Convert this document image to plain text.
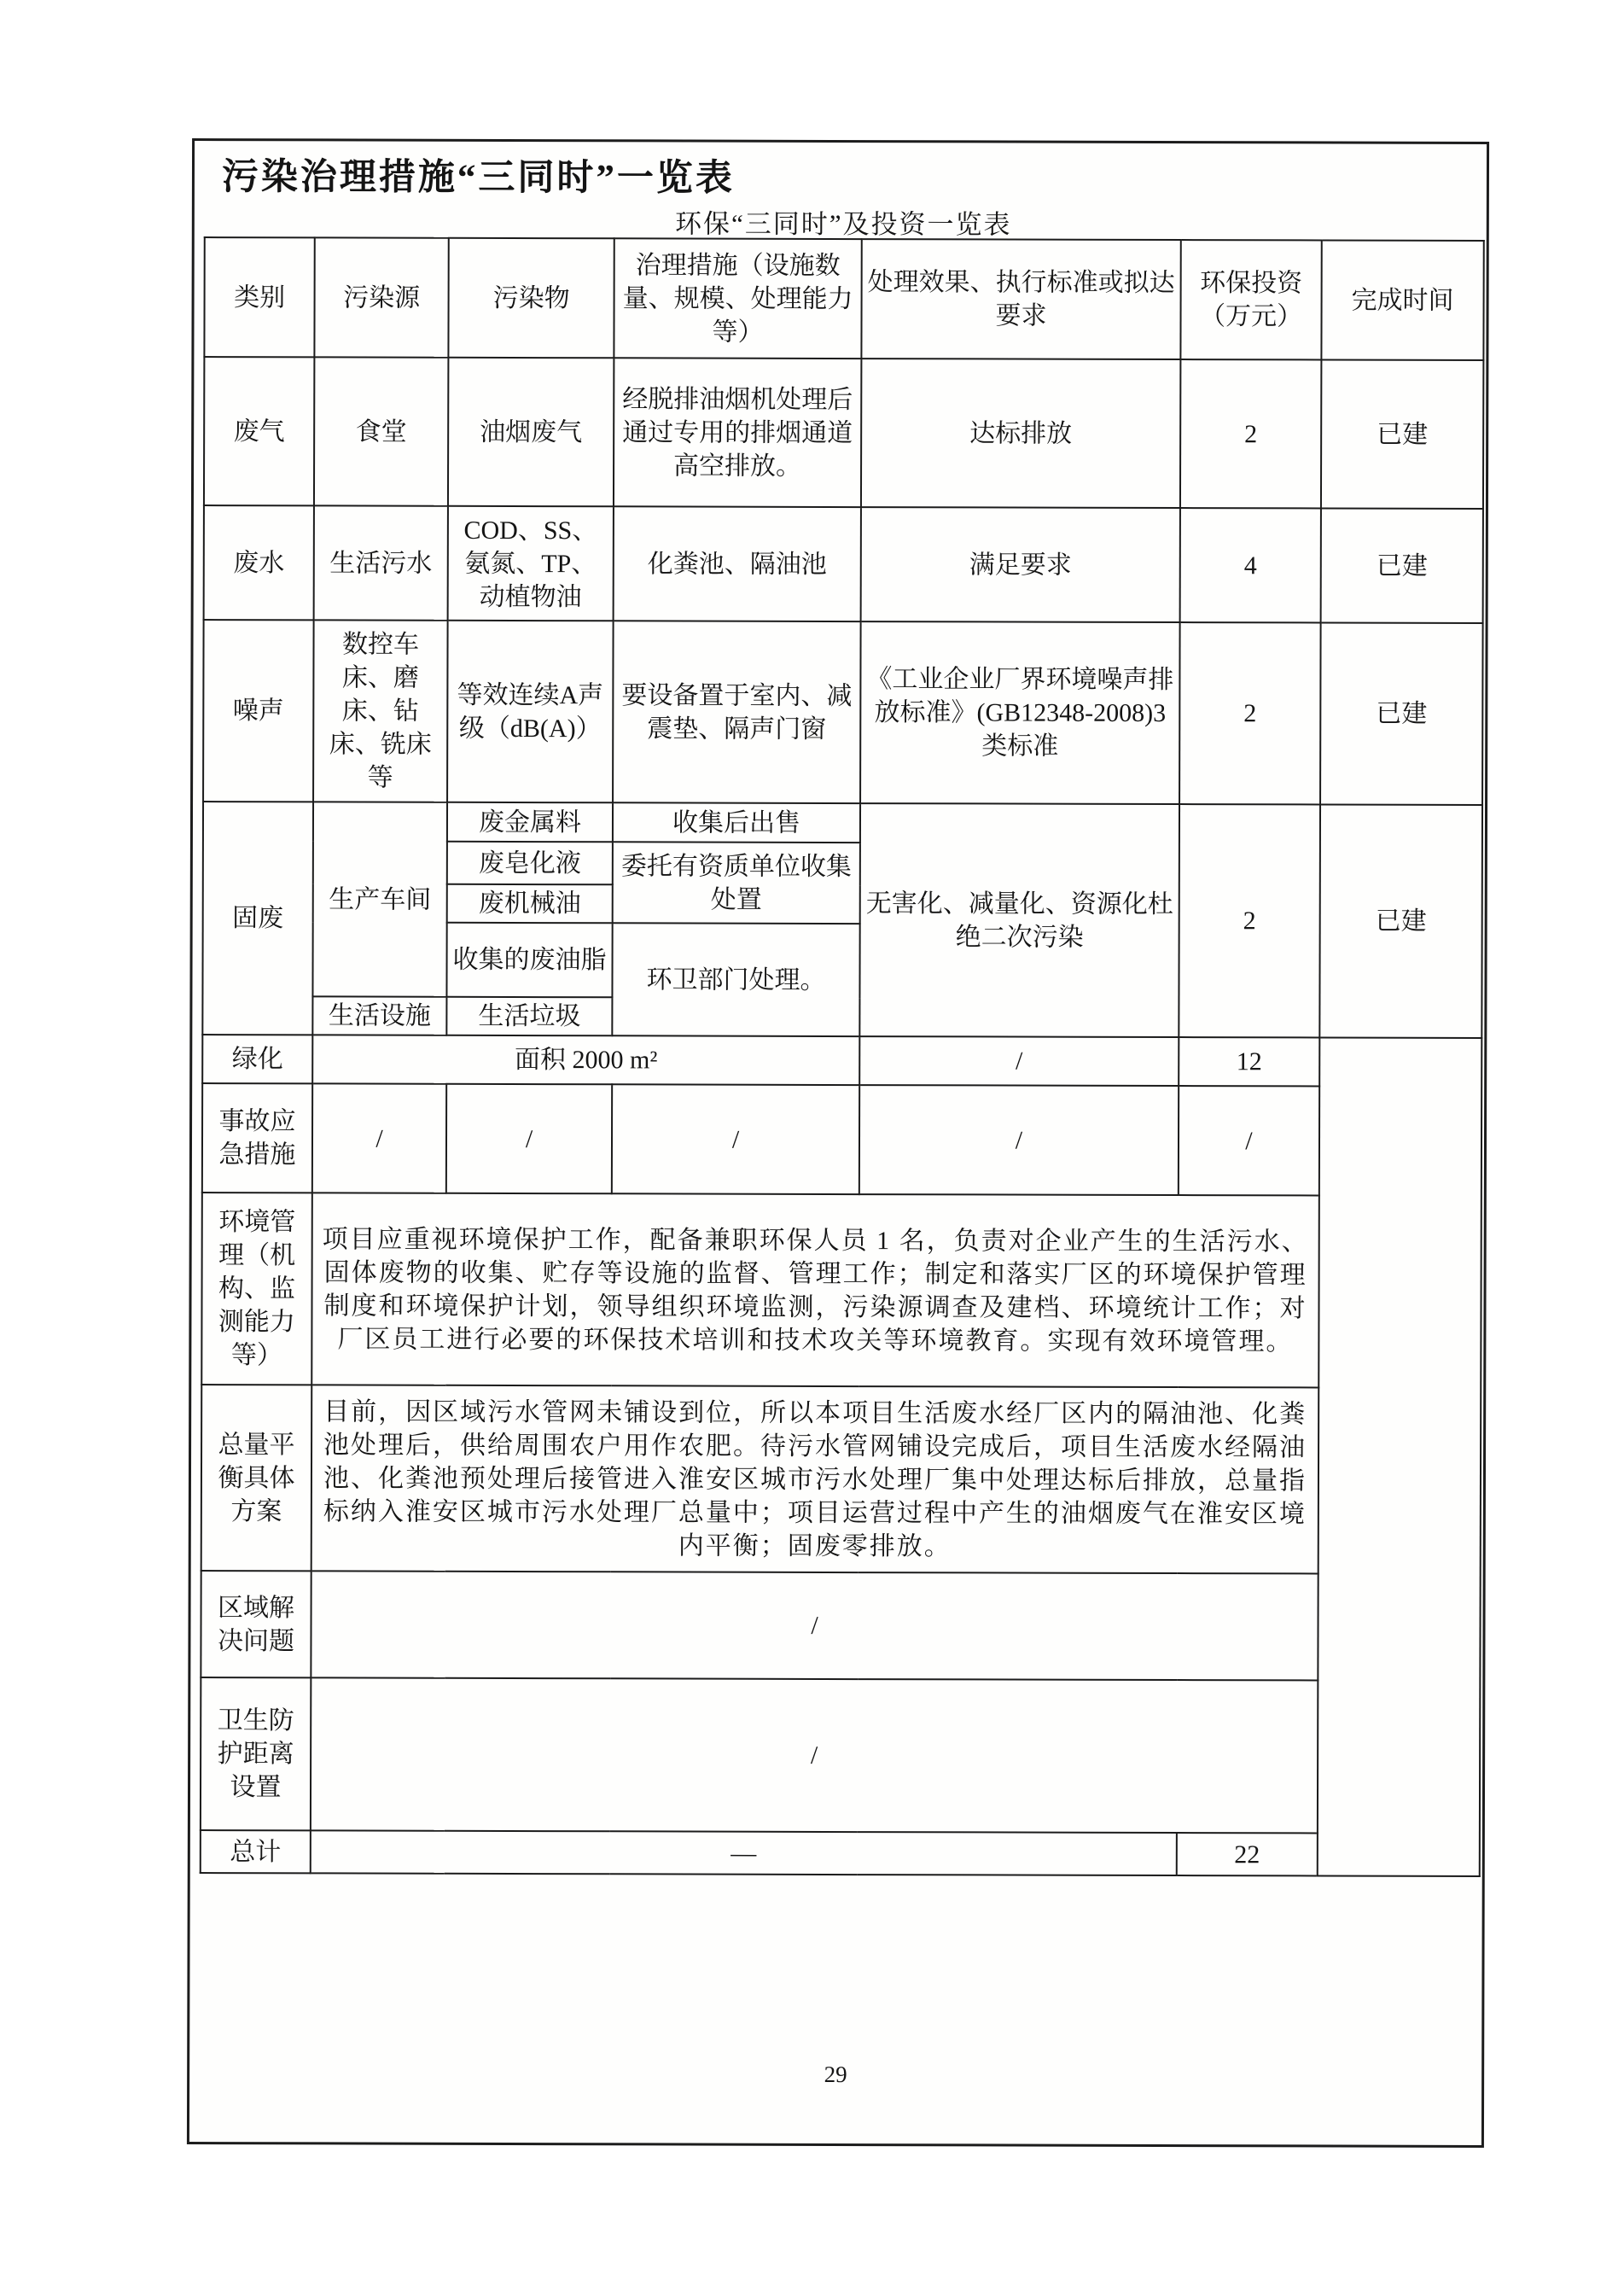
污染治理措施“三同时”一览表
环保“三同时”及投资一览表
类别	污染源	污染物	治理措施（设施数量、规模、处理能力等）	处理效果、执行标准或拟达要求	环保投资（万元）	完成时间
废气	食堂	油烟废气	经脱排油烟机处理后通过专用的排烟通道高空排放。	达标排放	2	已建
废水	生活污水	COD、SS、氨氮、TP、动植物油	化粪池、隔油池	满足要求	4	已建
噪声	数控车床、磨床、钻床、铣床等	等效连续A声级（dB(A)）	要设备置于室内、减震垫、隔声门窗	《工业企业厂界环境噪声排放标准》(GB12348-2008)3类标准	2	已建
固废	生产车间	废金属料	收集后出售	无害化、减量化、资源化杜绝二次污染	2	已建
		废皂化液	委托有资质单位收集处置			
		废机械油				
		收集的废油脂	环卫部门处理。			
	生活设施	生活垃圾				
绿化	面积 2000 m²			/	12	
事故应急措施	/	/	/	/	/	
环境管理（机构、监测能力等）	项目应重视环境保护工作，配备兼职环保人员 1 名，负责对企业产生的生活污水、固体废物的收集、贮存等设施的监督、管理工作；制定和落实厂区的环境保护管理制度和环境保护计划，领导组织环境监测，污染源调查及建档、环境统计工作；对厂区员工进行必要的环保技术培训和技术攻关等环境教育。实现有效环境管理。					
总量平衡具体方案	目前，因区域污水管网未铺设到位，所以本项目生活废水经厂区内的隔油池、化粪池处理后，供给周围农户用作农肥。待污水管网铺设完成后，项目生活废水经隔油池、化粪池预处理后接管进入淮安区城市污水处理厂集中处理达标后排放，总量指标纳入淮安区城市污水处理厂总量中；项目运营过程中产生的油烟废气在淮安区境内平衡；固废零排放。					
区域解决问题	/					
卫生防护距离设置	/					
总计	—				22	
29
